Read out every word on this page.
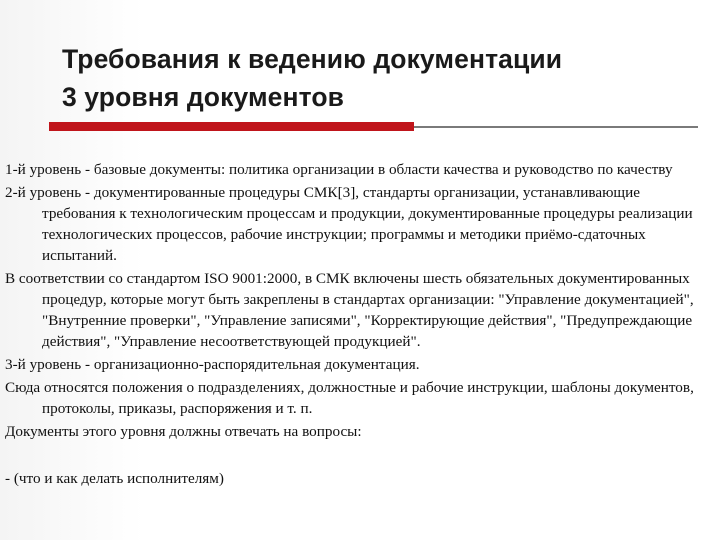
Требования к ведению документации
3 уровня документов

1-й уровень - базовые документы: политика организации в области качества и руководство по качеству

2-й уровень - документированные процедуры СМК[3], стандарты организации, устанавливающие требования к технологическим процессам и продукции, документированные процедуры реализации технологических процессов, рабочие инструкции; программы и методики приёмо-сдаточных испытаний.

В соответствии со стандартом ISO 9001:2000, в СМК включены шесть обязательных документированных процедур, которые могут быть закреплены в стандартах организации: "Управление документацией", "Внутренние проверки", "Управление записями", "Корректирующие действия", "Предупреждающие действия", "Управление несоответствующей продукцией".

3-й уровень - организационно-распорядительная документация.

Сюда относятся положения о подразделениях, должностные и рабочие инструкции, шаблоны документов, протоколы, приказы, распоряжения и т. п.

Документы этого уровня должны отвечать на вопросы:
